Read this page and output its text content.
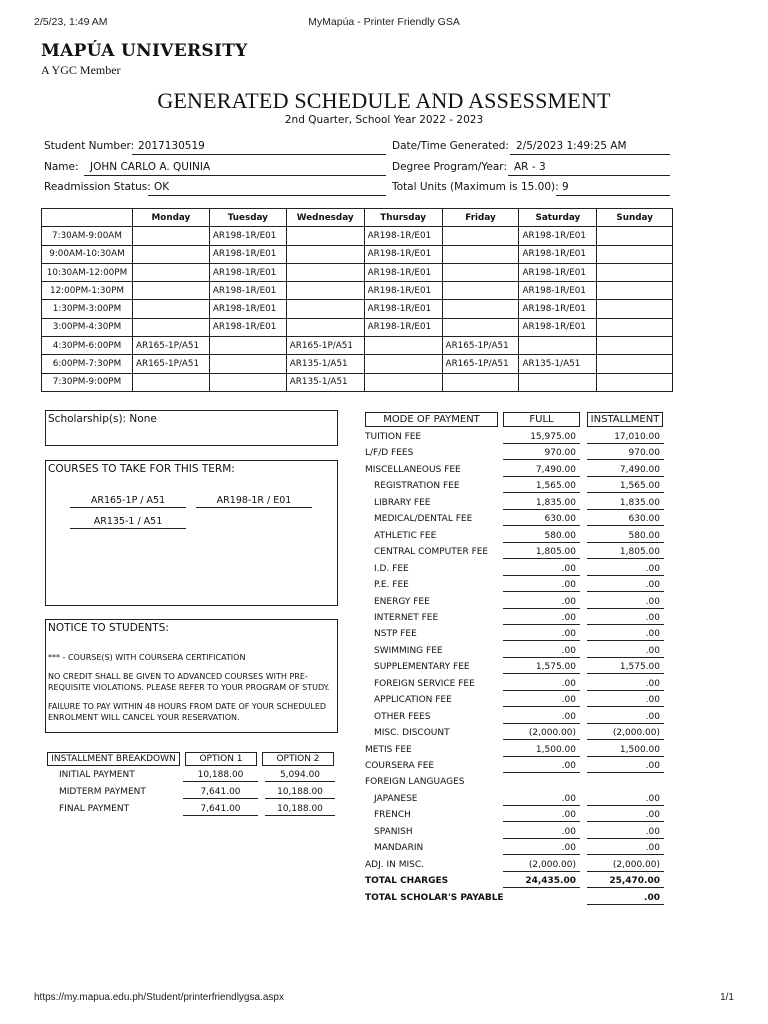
2/5/23, 1:49 AM	MyMapúa - Printer Friendly GSA
MAPÚA UNIVERSITY
A YGC Member
GENERATED SCHEDULE AND ASSESSMENT
2nd Quarter, School Year 2022 - 2023
Student Number: 2017130519
Name:	JOHN CARLO A. QUINIA
Readmission Status: OK
Date/Time Generated: 2/5/2023 1:49:25 AM
Degree Program/Year: AR - 3
Total Units (Maximum is 15.00): 9
	Monday	Tuesday	Wednesday	Thursday	Friday	Saturday	Sunday
7:30AM-9:00AM		AR198-1R/E01		AR198-1R/E01		AR198-1R/E01	
9:00AM-10:30AM		AR198-1R/E01		AR198-1R/E01		AR198-1R/E01	
10:30AM-12:00PM		AR198-1R/E01		AR198-1R/E01		AR198-1R/E01	
12:00PM-1:30PM		AR198-1R/E01		AR198-1R/E01		AR198-1R/E01	
1:30PM-3:00PM		AR198-1R/E01		AR198-1R/E01		AR198-1R/E01	
3:00PM-4:30PM		AR198-1R/E01		AR198-1R/E01		AR198-1R/E01	
4:30PM-6:00PM	AR165-1P/A51		AR165-1P/A51		AR165-1P/A51		
6:00PM-7:30PM	AR165-1P/A51		AR135-1/A51		AR165-1P/A51	AR135-1/A51	
7:30PM-9:00PM			AR135-1/A51				
Scholarship(s): None
COURSES TO TAKE FOR THIS TERM:
AR165-1P / A51	AR198-1R / E01
AR135-1 / A51
NOTICE TO STUDENTS:
*** - COURSE(S) WITH COURSERA CERTIFICATION
NO CREDIT SHALL BE GIVEN TO ADVANCED COURSES WITH PRE-REQUISITE VIOLATIONS. PLEASE REFER TO YOUR PROGRAM OF STUDY.
FAILURE TO PAY WITHIN 48 HOURS FROM DATE OF YOUR SCHEDULED ENROLMENT WILL CANCEL YOUR RESERVATION.
INSTALLMENT BREAKDOWN	OPTION 1	OPTION 2
INITIAL PAYMENT	10,188.00	5,094.00
MIDTERM PAYMENT	7,641.00	10,188.00
FINAL PAYMENT	7,641.00	10,188.00
MODE OF PAYMENT	FULL	INSTALLMENT
TUITION FEE	15,975.00	17,010.00
L/F/D FEES	970.00	970.00
MISCELLANEOUS FEE	7,490.00	7,490.00
REGISTRATION FEE	1,565.00	1,565.00
LIBRARY FEE	1,835.00	1,835.00
MEDICAL/DENTAL FEE	630.00	630.00
ATHLETIC FEE	580.00	580.00
CENTRAL COMPUTER FEE	1,805.00	1,805.00
I.D. FEE	.00	.00
P.E. FEE	.00	.00
ENERGY FEE	.00	.00
INTERNET FEE	.00	.00
NSTP FEE	.00	.00
SWIMMING FEE	.00	.00
SUPPLEMENTARY FEE	1,575.00	1,575.00
FOREIGN SERVICE FEE	.00	.00
APPLICATION FEE	.00	.00
OTHER FEES	.00	.00
MISC. DISCOUNT	(2,000.00)	(2,000.00)
METIS FEE	1,500.00	1,500.00
COURSERA FEE	.00	.00
FOREIGN LANGUAGES
JAPANESE	.00	.00
FRENCH	.00	.00
SPANISH	.00	.00
MANDARIN	.00	.00
ADJ. IN MISC.	(2,000.00)	(2,000.00)
TOTAL CHARGES	24,435.00	25,470.00
TOTAL SCHOLAR'S PAYABLE	.00
https://my.mapua.edu.ph/Student/printerfriendlygsa.aspx	1/1
